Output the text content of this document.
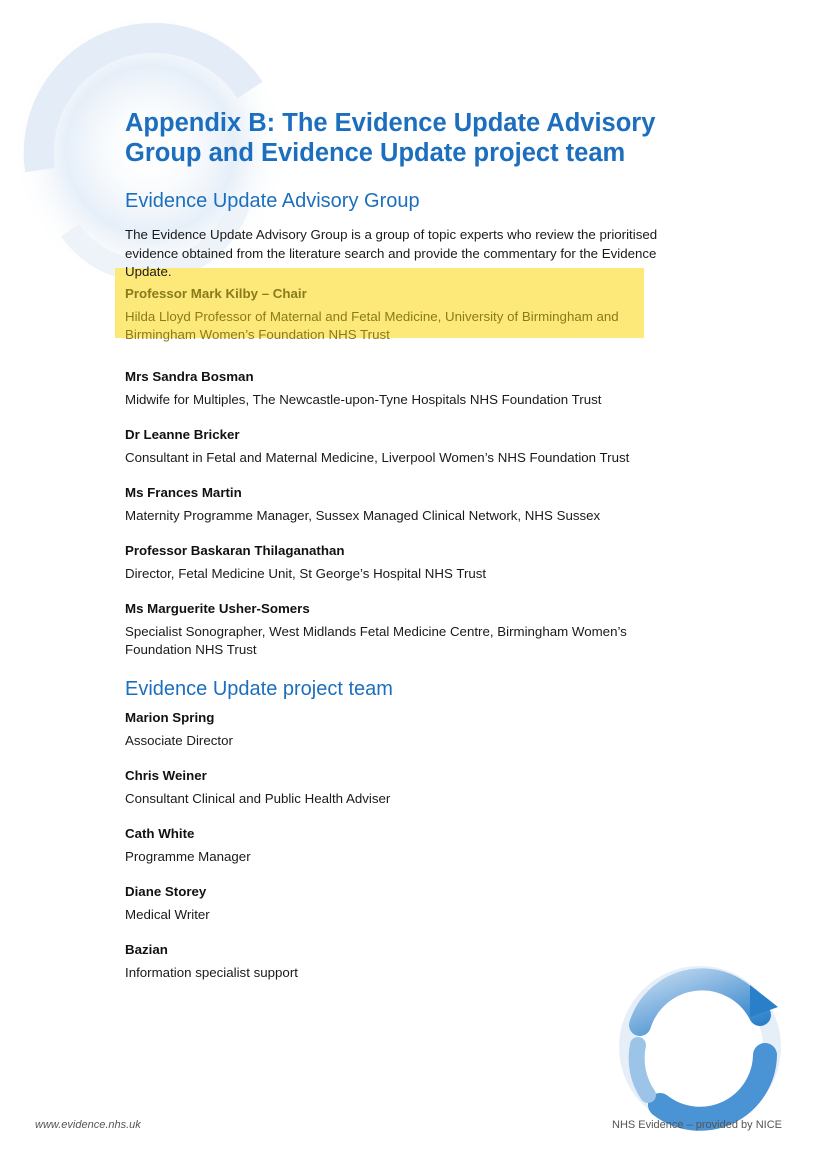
Appendix B: The Evidence Update Advisory Group and Evidence Update project team
Evidence Update Advisory Group

The Evidence Update Advisory Group is a group of topic experts who review the prioritised evidence obtained from the literature search and provide the commentary for the Evidence Update.

Professor Mark Kilby – Chair
Hilda Lloyd Professor of Maternal and Fetal Medicine, University of Birmingham and Birmingham Women’s Foundation NHS Trust
Mrs Sandra Bosman
Midwife for Multiples, The Newcastle-upon-Tyne Hospitals NHS Foundation Trust
Dr Leanne Bricker
Consultant in Fetal and Maternal Medicine, Liverpool Women’s NHS Foundation Trust
Ms Frances Martin
Maternity Programme Manager, Sussex Managed Clinical Network, NHS Sussex
Professor Baskaran Thilaganathan
Director, Fetal Medicine Unit, St George’s Hospital NHS Trust
Ms Marguerite Usher-Somers
Specialist Sonographer, West Midlands Fetal Medicine Centre, Birmingham Women’s Foundation NHS Trust
Evidence Update project team
Marion Spring
Associate Director
Chris Weiner
Consultant Clinical and Public Health Adviser
Cath White
Programme Manager
Diane Storey
Medical Writer
Bazian
Information specialist support
www.evidence.nhs.uk	NHS Evidence – provided by NICE
